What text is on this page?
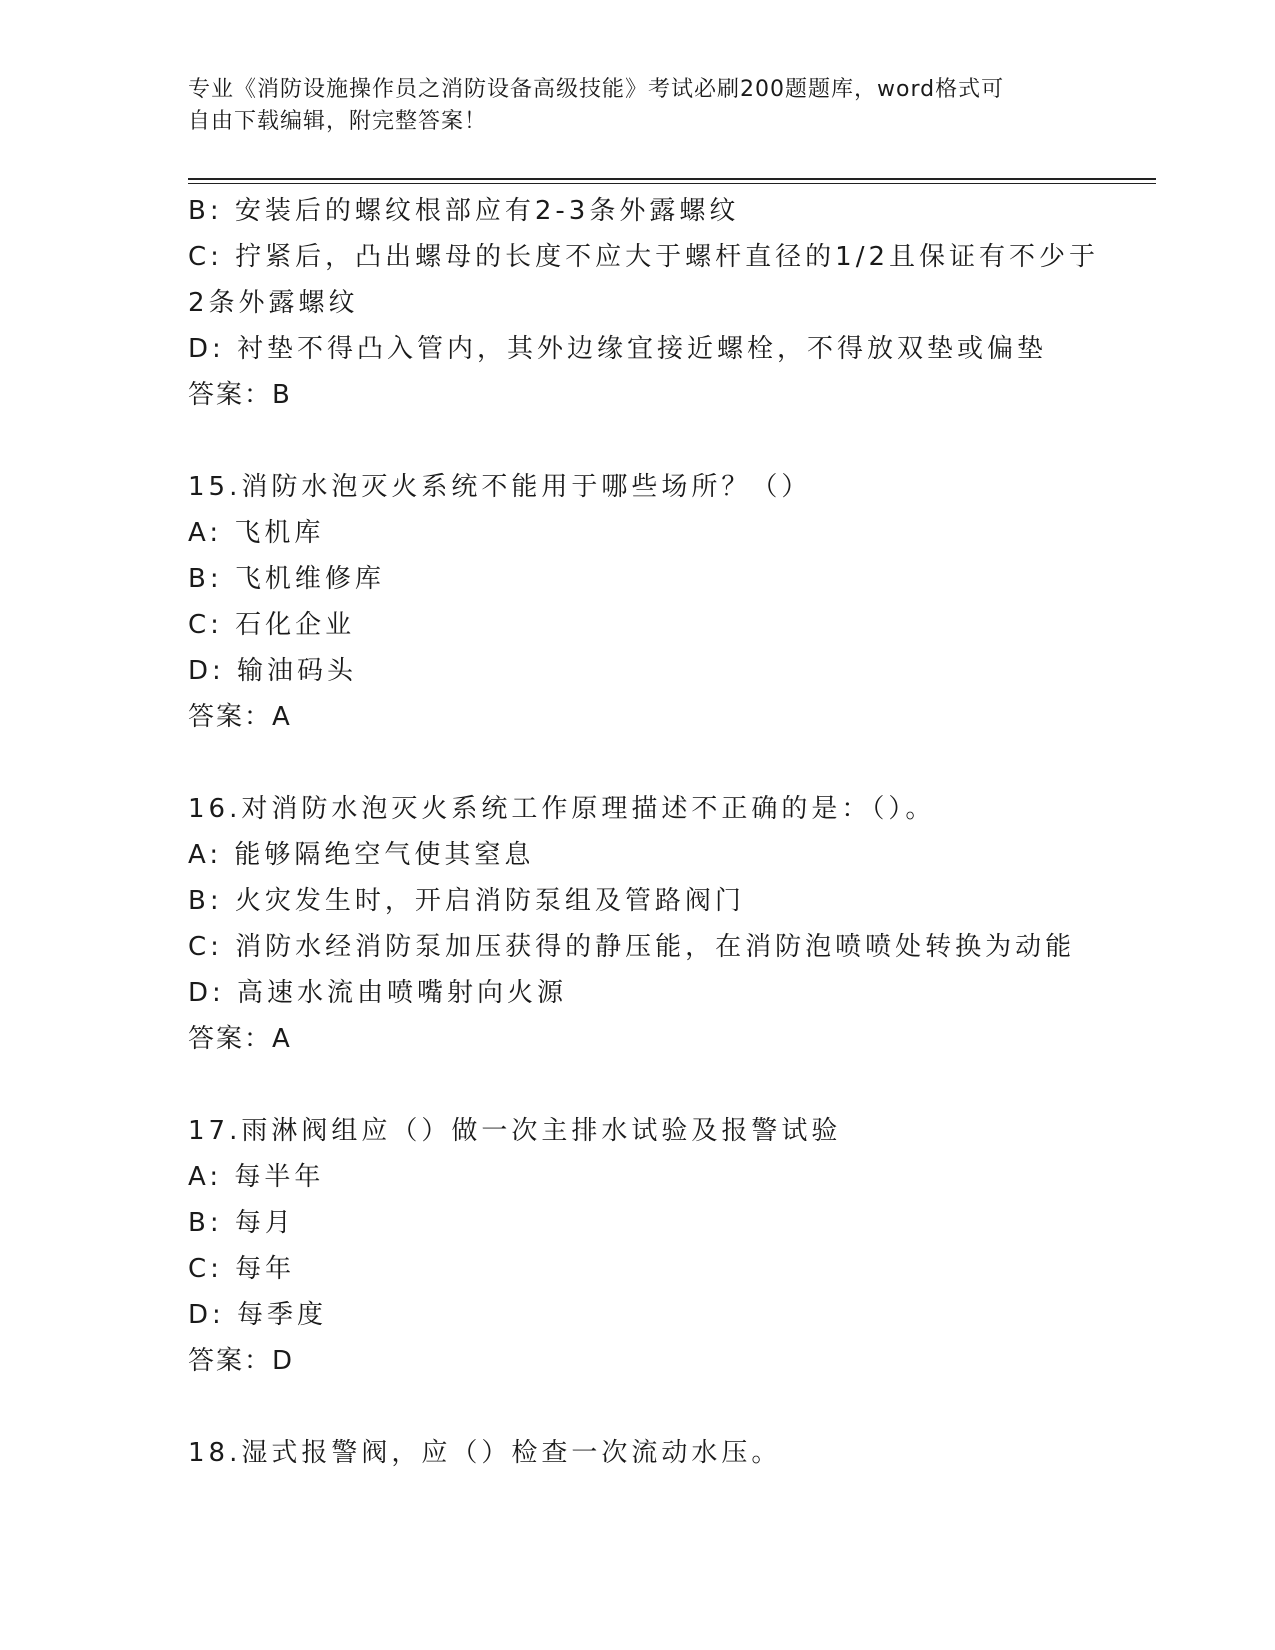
专业《消防设施操作员之消防设备高级技能》考试必刷200题题库，word格式可
自由下载编辑，附完整答案！
B: 安装后的螺纹根部应有2-3条外露螺纹
C: 拧紧后，凸出螺母的长度不应大于螺杆直径的1/2且保证有不少于
2条外露螺纹
D: 衬垫不得凸入管内，其外边缘宜接近螺栓，不得放双垫或偏垫
答案：B
15.消防水泡灭火系统不能用于哪些场所？（）
A: 飞机库
B: 飞机维修库
C: 石化企业
D: 输油码头
答案：A
16.对消防水泡灭火系统工作原理描述不正确的是：（）。
A: 能够隔绝空气使其窒息
B: 火灾发生时，开启消防泵组及管路阀门
C: 消防水经消防泵加压获得的静压能，在消防泡喷喷处转换为动能
D: 高速水流由喷嘴射向火源
答案：A
17.雨淋阀组应（）做一次主排水试验及报警试验
A: 每半年
B: 每月
C: 每年
D: 每季度
答案：D
18.湿式报警阀，应（）检查一次流动水压。
